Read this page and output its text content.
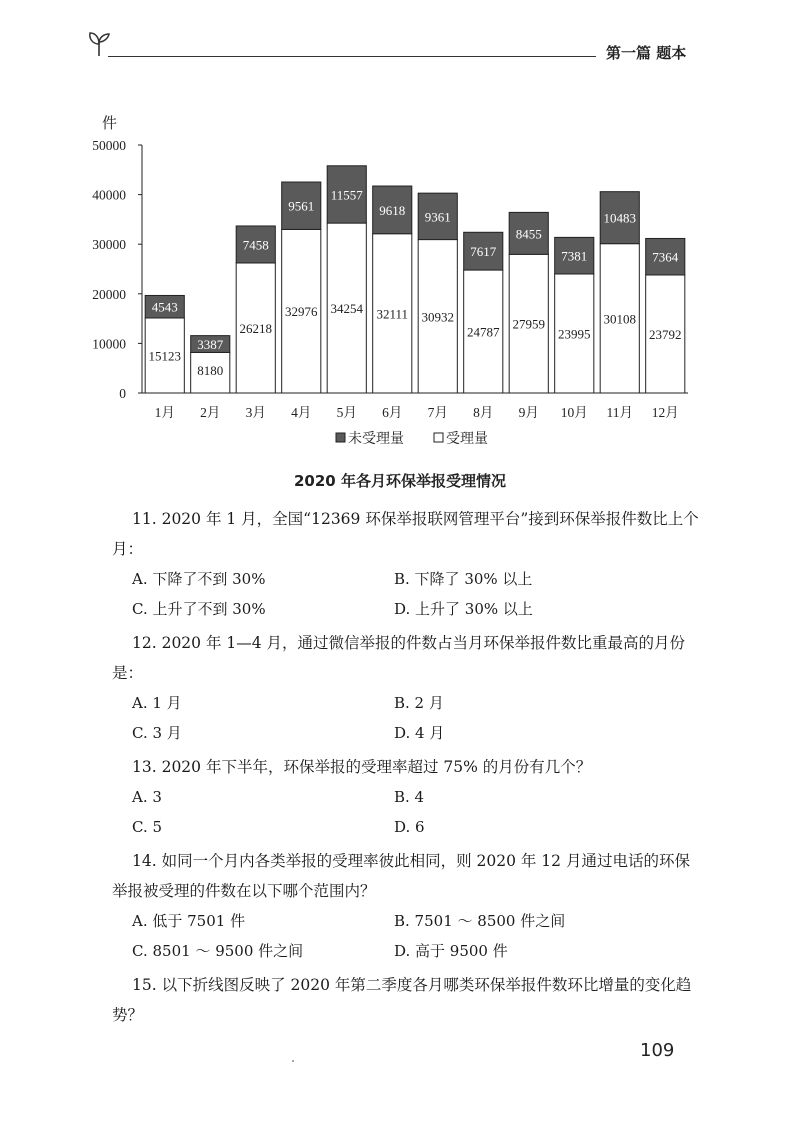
第一篇 题本
件
0
10000
20000
30000
40000
50000
4543
15123
1月
3387
8180
2月
7458
26218
3月
9561
32976
4月
11557
34254
5月
9618
32111
6月
9361
30932
7月
7617
24787
8月
8455
27959
9月
7381
23995
10月
10483
30108
11月
7364
23792
12月
未受理量	受理量
2020 年各月环保举报受理情况

11. 2020 年 1 月，全国“12369 环保举报联网管理平台”接到环保举报件数比上个月：

A. 下降了不到 30%	B. 下降了 30% 以上
C. 上升了不到 30%	D. 上升了 30% 以上

12. 2020 年 1—4 月，通过微信举报的件数占当月环保举报件数比重最高的月份是：

A. 1 月	B. 2 月
C. 3 月	D. 4 月

13. 2020 年下半年，环保举报的受理率超过 75% 的月份有几个？

A. 3	B. 4
C. 5	D. 6

14. 如同一个月内各类举报的受理率彼此相同，则 2020 年 12 月通过电话的环保举报被受理的件数在以下哪个范围内？

A. 低于 7501 件	B. 7501 ～ 8500 件之间
C. 8501 ～ 9500 件之间	D. 高于 9500 件

15. 以下折线图反映了 2020 年第二季度各月哪类环保举报件数环比增量的变化趋势？

109
